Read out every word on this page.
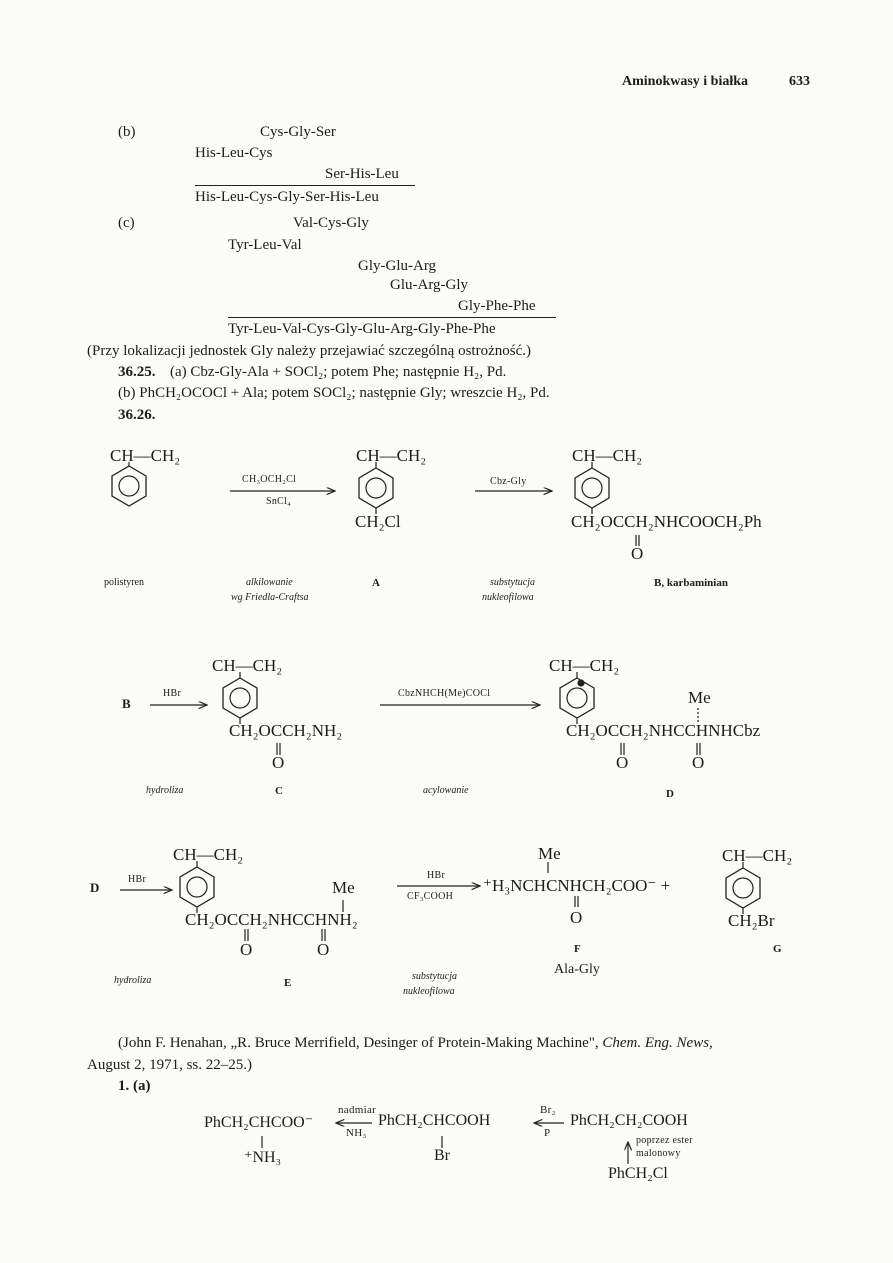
Aminokwasy i białka	633
(b)	Cys-Gly-Ser
His-Leu-Cys
Ser-His-Leu
His-Leu-Cys-Gly-Ser-His-Leu
(c)	Val-Cys-Gly
Tyr-Leu-Val
Gly-Glu-Arg
Glu-Arg-Gly
Gly-Phe-Phe
Tyr-Leu-Val-Cys-Gly-Glu-Arg-Gly-Phe-Phe
(Przy lokalizacji jednostek Gly należy przejawiać szczególną ostrożność.)
36.25. (a) Cbz-Gly-Ala + SOCl₂; potem Phe; następnie H₂, Pd.
(b) PhCH₂OCOCl + Ala; potem SOCl₂; następnie Gly; wreszcie H₂, Pd.
36.26.
CH—CH₂
CH₃OCH₂Cl
SnCl₄
CH—CH₂
CH₂Cl
Cbz-Gly
CH—CH₂
CH₂OCCH₂NHCOOCH₂Ph
O
polistyren	alkilowanie
wg Friedla-Craftsa
A	substytucja
nukleofilowa
B, karbaminian
B
HBr
CH—CH₂
CH₂OCCH₂NH₂
O
CbzNHCH(Me)COCl
CH—CH₂
Me
CH₂OCCH₂NHCCHNHCbz
O	O
hydroliza	C	acylowanie	D
D
HBr
CH—CH₂
Me
CH₂OCCH₂NHCCHNH₂
O	O
HBr
CF₃COOH
Me
⁺H₃NCHCNHCH₂COO⁻ +
O
CH—CH₂
CH₂Br
F
Ala-Gly
G
hydroliza	E
substytucja
nukleofilowa
(John F. Henahan, „R. Bruce Merrifield, Desinger of Protein-Making Machine", Chem. Eng. News,
August 2, 1971, ss. 22–25.)
1. (a)
PhCH₂CHCOO⁻
⁺NH₃
nadmiar
NH₃
PhCH₂CHCOOH
Br
Br₂
P
PhCH₂CH₂COOH
poprzez ester
malonowy
PhCH₂Cl
